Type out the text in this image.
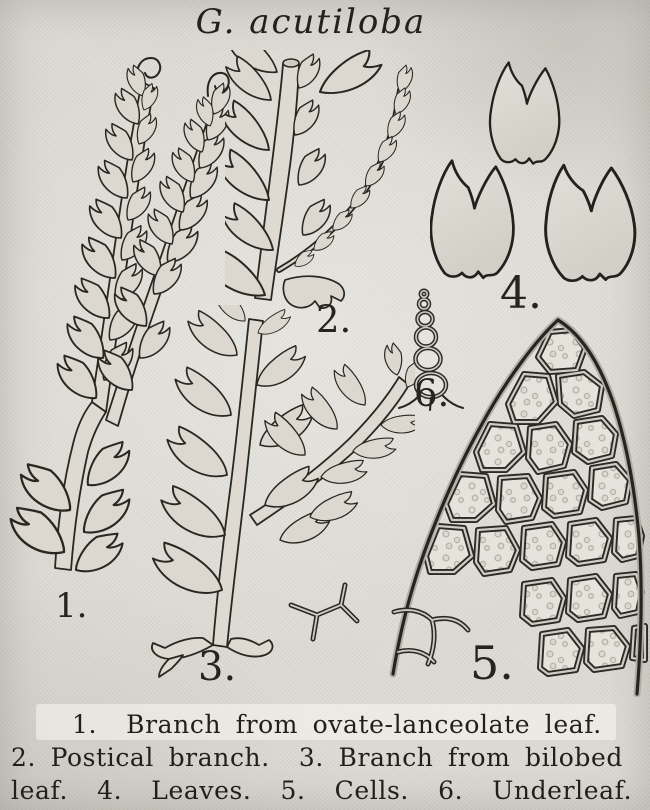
G. acutiloba
1.
2.
3.
4.
5.
6.
1.  Branch from ovate-lanceolate leaf.
2. Postical branch.  3. Branch from bilobed
leaf.  4.  Leaves.  5.  Cells.  6.  Underleaf.
